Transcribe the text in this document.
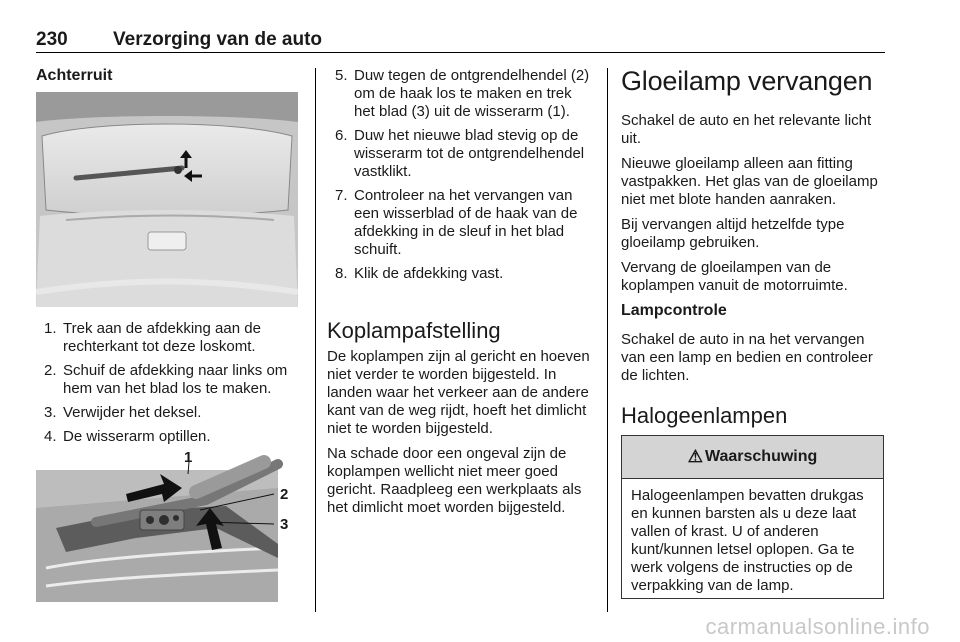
230 Verzorging van de auto
Achterruit
1. Trek aan de afdekking aan de rechterkant tot deze loskomt.
2. Schuif de afdekking naar links om hem van het blad los te maken.
3. Verwijder het deksel.
4. De wisserarm optillen.
1
2
3
5. Duw tegen de ontgrendelhendel (2) om de haak los te maken en trek het blad (3) uit de wisserarm (1).
6. Duw het nieuwe blad stevig op de wisserarm tot de ontgrendelhendel vastklikt.
7. Controleer na het vervangen van een wisserblad of de haak van de afdekking in de sleuf in het blad schuift.
8. Klik de afdekking vast.
Koplampafstelling

De koplampen zijn al gericht en hoeven niet verder te worden bijgesteld. In landen waar het verkeer aan de andere kant van de weg rijdt, hoeft het dimlicht niet te worden bijgesteld.

Na schade door een ongeval zijn de koplampen wellicht niet meer goed gericht. Raadpleeg een werkplaats als het dimlicht moet worden bijgesteld.

Gloeilamp vervangen

Schakel de auto en het relevante licht uit.

Nieuwe gloeilamp alleen aan fitting vastpakken. Het glas van de gloeilamp niet met blote handen aanraken.

Bij vervangen altijd hetzelfde type gloeilamp gebruiken.

Vervang de gloeilampen van de koplampen vanuit de motorruimte.

Lampcontrole

Schakel de auto in na het vervangen van een lamp en bedien en controleer de lichten.

Halogeenlampen
⚠ Waarschuwing
Halogeenlampen bevatten drukgas en kunnen barsten als u deze laat vallen of krast. U of anderen kunt/kunnen letsel oplopen. Ga te werk volgens de instructies op de verpakking van de lamp.
carmanualsonline.info
